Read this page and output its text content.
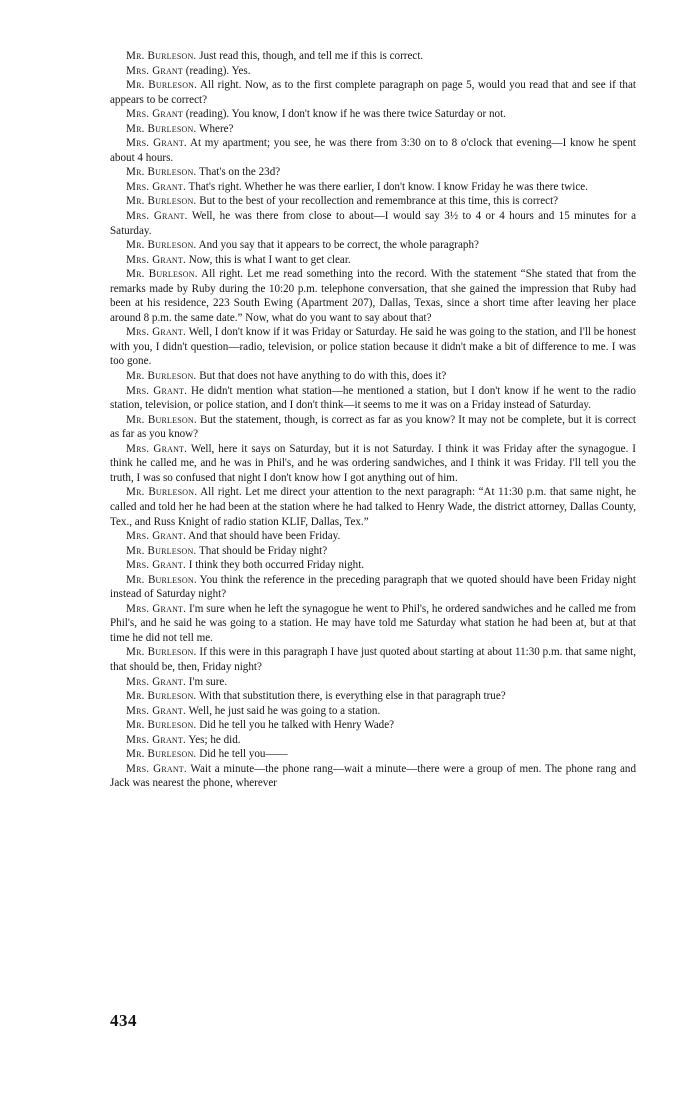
Mr. Burleson. Just read this, though, and tell me if this is correct.

Mrs. Grant (reading). Yes.

Mr. Burleson. All right. Now, as to the first complete paragraph on page 5, would you read that and see if that appears to be correct?

Mrs. Grant (reading). You know, I don't know if he was there twice Saturday or not.

Mr. Burleson. Where?

Mrs. Grant. At my apartment; you see, he was there from 3:30 on to 8 o'clock that evening—I know he spent about 4 hours.

Mr. Burleson. That's on the 23d?

Mrs. Grant. That's right. Whether he was there earlier, I don't know. I know Friday he was there twice.

Mr. Burleson. But to the best of your recollection and remembrance at this time, this is correct?

Mrs. Grant. Well, he was there from close to about—I would say 3½ to 4 or 4 hours and 15 minutes for a Saturday.

Mr. Burleson. And you say that it appears to be correct, the whole paragraph?

Mrs. Grant. Now, this is what I want to get clear.

Mr. Burleson. All right. Let me read something into the record. With the statement “She stated that from the remarks made by Ruby during the 10:20 p.m. telephone conversation, that she gained the impression that Ruby had been at his residence, 223 South Ewing (Apartment 207), Dallas, Texas, since a short time after leaving her place around 8 p.m. the same date.” Now, what do you want to say about that?

Mrs. Grant. Well, I don't know if it was Friday or Saturday. He said he was going to the station, and I'll be honest with you, I didn't question—radio, television, or police station because it didn't make a bit of difference to me. I was too gone.

Mr. Burleson. But that does not have anything to do with this, does it?

Mrs. Grant. He didn't mention what station—he mentioned a station, but I don't know if he went to the radio station, television, or police station, and I don't think—it seems to me it was on a Friday instead of Saturday.

Mr. Burleson. But the statement, though, is correct as far as you know? It may not be complete, but it is correct as far as you know?

Mrs. Grant. Well, here it says on Saturday, but it is not Saturday. I think it was Friday after the synagogue. I think he called me, and he was in Phil's, and he was ordering sandwiches, and I think it was Friday. I'll tell you the truth, I was so confused that night I don't know how I got anything out of him.

Mr. Burleson. All right. Let me direct your attention to the next paragraph: “At 11:30 p.m. that same night, he called and told her he had been at the station where he had talked to Henry Wade, the district attorney, Dallas County, Tex., and Russ Knight of radio station KLIF, Dallas, Tex.”

Mrs. Grant. And that should have been Friday.

Mr. Burleson. That should be Friday night?

Mrs. Grant. I think they both occurred Friday night.

Mr. Burleson. You think the reference in the preceding paragraph that we quoted should have been Friday night instead of Saturday night?

Mrs. Grant. I'm sure when he left the synagogue he went to Phil's, he ordered sandwiches and he called me from Phil's, and he said he was going to a station. He may have told me Saturday what station he had been at, but at that time he did not tell me.

Mr. Burleson. If this were in this paragraph I have just quoted about starting at about 11:30 p.m. that same night, that should be, then, Friday night?

Mrs. Grant. I'm sure.

Mr. Burleson. With that substitution there, is everything else in that paragraph true?

Mrs. Grant. Well, he just said he was going to a station.

Mr. Burleson. Did he tell you he talked with Henry Wade?

Mrs. Grant. Yes; he did.

Mr. Burleson. Did he tell you——

Mrs. Grant. Wait a minute—the phone rang—wait a minute—there were a group of men. The phone rang and Jack was nearest the phone, wherever

434
